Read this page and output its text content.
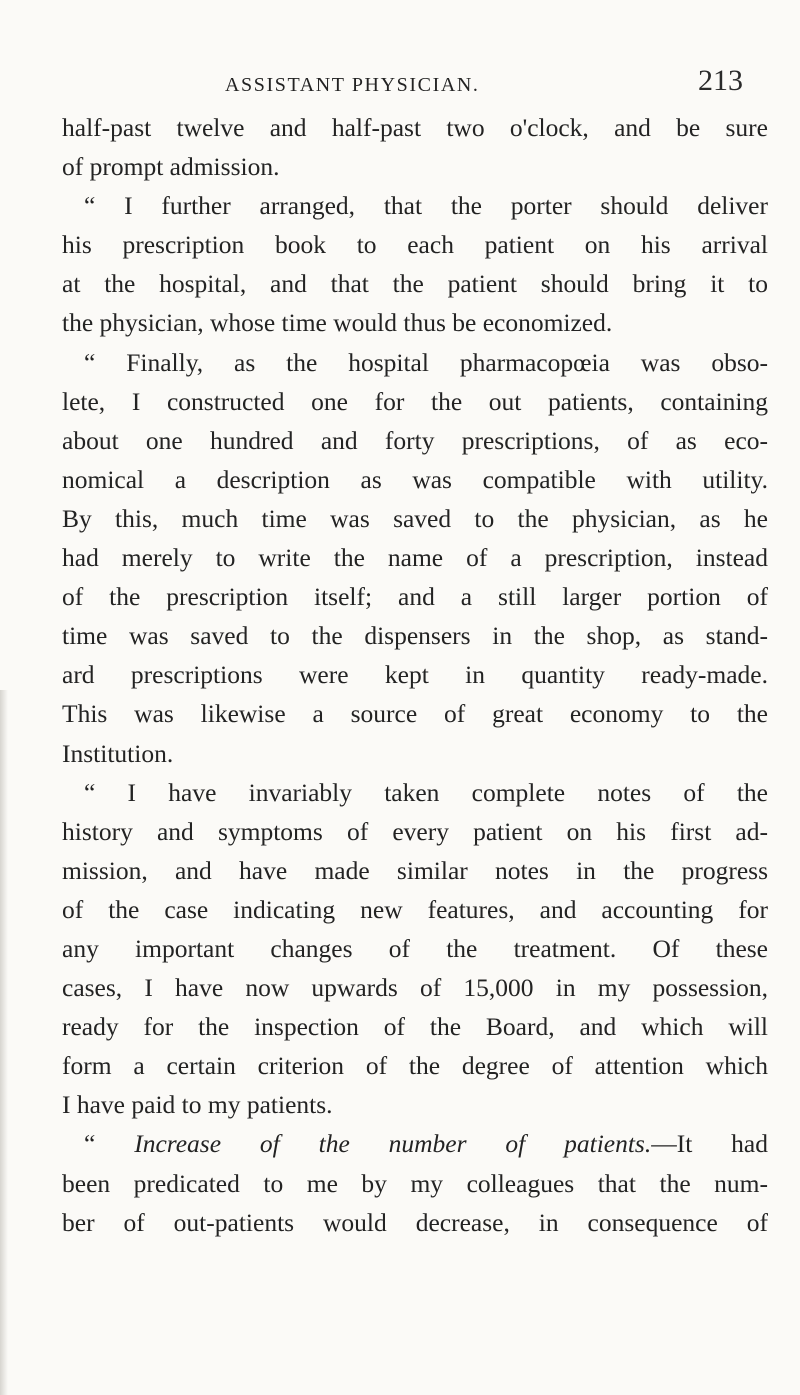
ASSISTANT PHYSICIAN.	213
half-past twelve and half-past two o'clock, and be sure
of prompt admission.
“ I further arranged, that the porter should deliver
his prescription book to each patient on his arrival
at the hospital, and that the patient should bring it to
the physician, whose time would thus be economized.
“ Finally, as the hospital pharmacopœia was obso-
lete, I constructed one for the out patients, containing
about one hundred and forty prescriptions, of as eco-
nomical a description as was compatible with utility.
By this, much time was saved to the physician, as he
had merely to write the name of a prescription, instead
of the prescription itself; and a still larger portion of
time was saved to the dispensers in the shop, as stand-
ard prescriptions were kept in quantity ready-made.
This was likewise a source of great economy to the
Institution.
“ I have invariably taken complete notes of the
history and symptoms of every patient on his first ad-
mission, and have made similar notes in the progress
of the case indicating new features, and accounting for
any important changes of the treatment. Of these
cases, I have now upwards of 15,000 in my possession,
ready for the inspection of the Board, and which will
form a certain criterion of the degree of attention which
I have paid to my patients.
“ Increase of the number of patients.—It had
been predicated to me by my colleagues that the num-
ber of out-patients would decrease, in consequence of
